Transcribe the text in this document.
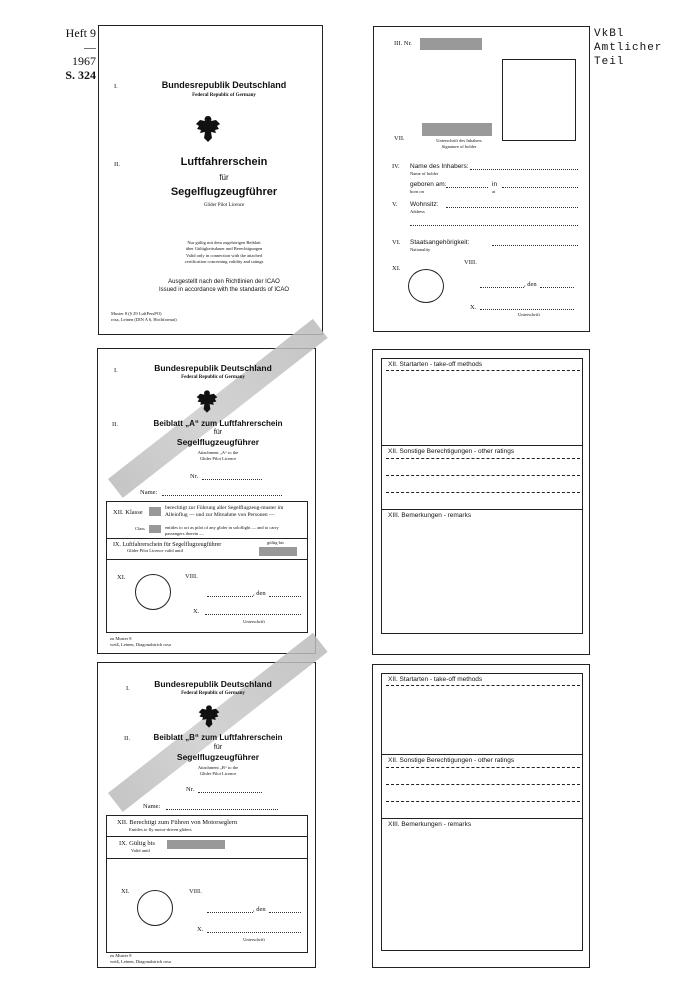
Heft 9
— 1967
S. 324
VkBl
Amtlicher
Teil
I.	Bundesrepublik Deutschland
Federal Republic of Germany
II.	Luftfahrerschein
für
Segelflugzeugführer
Glider Pilot Licence
Nur gültig mit dem zugehörigen Beiblatt
über Gültigkeitsdauer und Berechtigungen
Valid only in connection with the attached
certification concerning validity and ratings
Ausgestellt nach den Richtlinien der ICAO
Issued in accordance with the standards of ICAO
Muster 8 (§ 29 LuftPersPO)
rosa, Leinen (DIN A 6, Hochformat)
III. Nr.
VII.	Unterschrift des Inhabers
Signature of holder
IV. Name des Inhabers:
Name of holder
geboren am:
born on
in
at
V. Wohnsitz:
Address
VI. Staatsangehörigkeit:
Nationality
XI.
VIII.
, den
X.
Unterschrift
I.	Bundesrepublik Deutschland
Federal Republic of Germany
II.	Beiblatt „A“ zum Luftfahrerschein
für
Segelflugzeugführer
Attachment „A“ to the
Glider Pilot Licence
Nr.
Name:
XII. Klasse
berechtigt zur Führung aller Segelflugzeug-muster im Alleinflug — und zur Mitnahme von Personen —
Class	entitles to act as pilot of any glider in soloflight — and to carry passengers therein —
IX. Luftfahrerschein für Segelflugzeugführer
Glider Pilot Licence valid until
gültig bis
XI.	VIII.
, den
X.
Unterschrift
zu Muster 8
weiß, Leinen, Diagonalstrich rosa
XII. Startarten - take-off methods
XII. Sonstige Berechtigungen - other ratings
XIII. Bemerkungen - remarks
I.	Bundesrepublik Deutschland
Federal Republic of Germany
II.	Beiblatt „B“ zum Luftfahrerschein
für
Segelflugzeugführer
Attachment „B“ to the
Glider Pilot Licence
Nr.
Name:
XII. Berechtigt zum Führen von Motorseglern
Entitles to fly motor-driven gliders
IX. Gültig bis
Valid until
XI.	VIII.
, den
X.
Unterschrift
zu Muster 8
weiß, Leinen, Diagonalstrich rosa
XII. Startarten - take-off methods
XII. Sonstige Berechtigungen - other ratings
XIII. Bemerkungen - remarks
